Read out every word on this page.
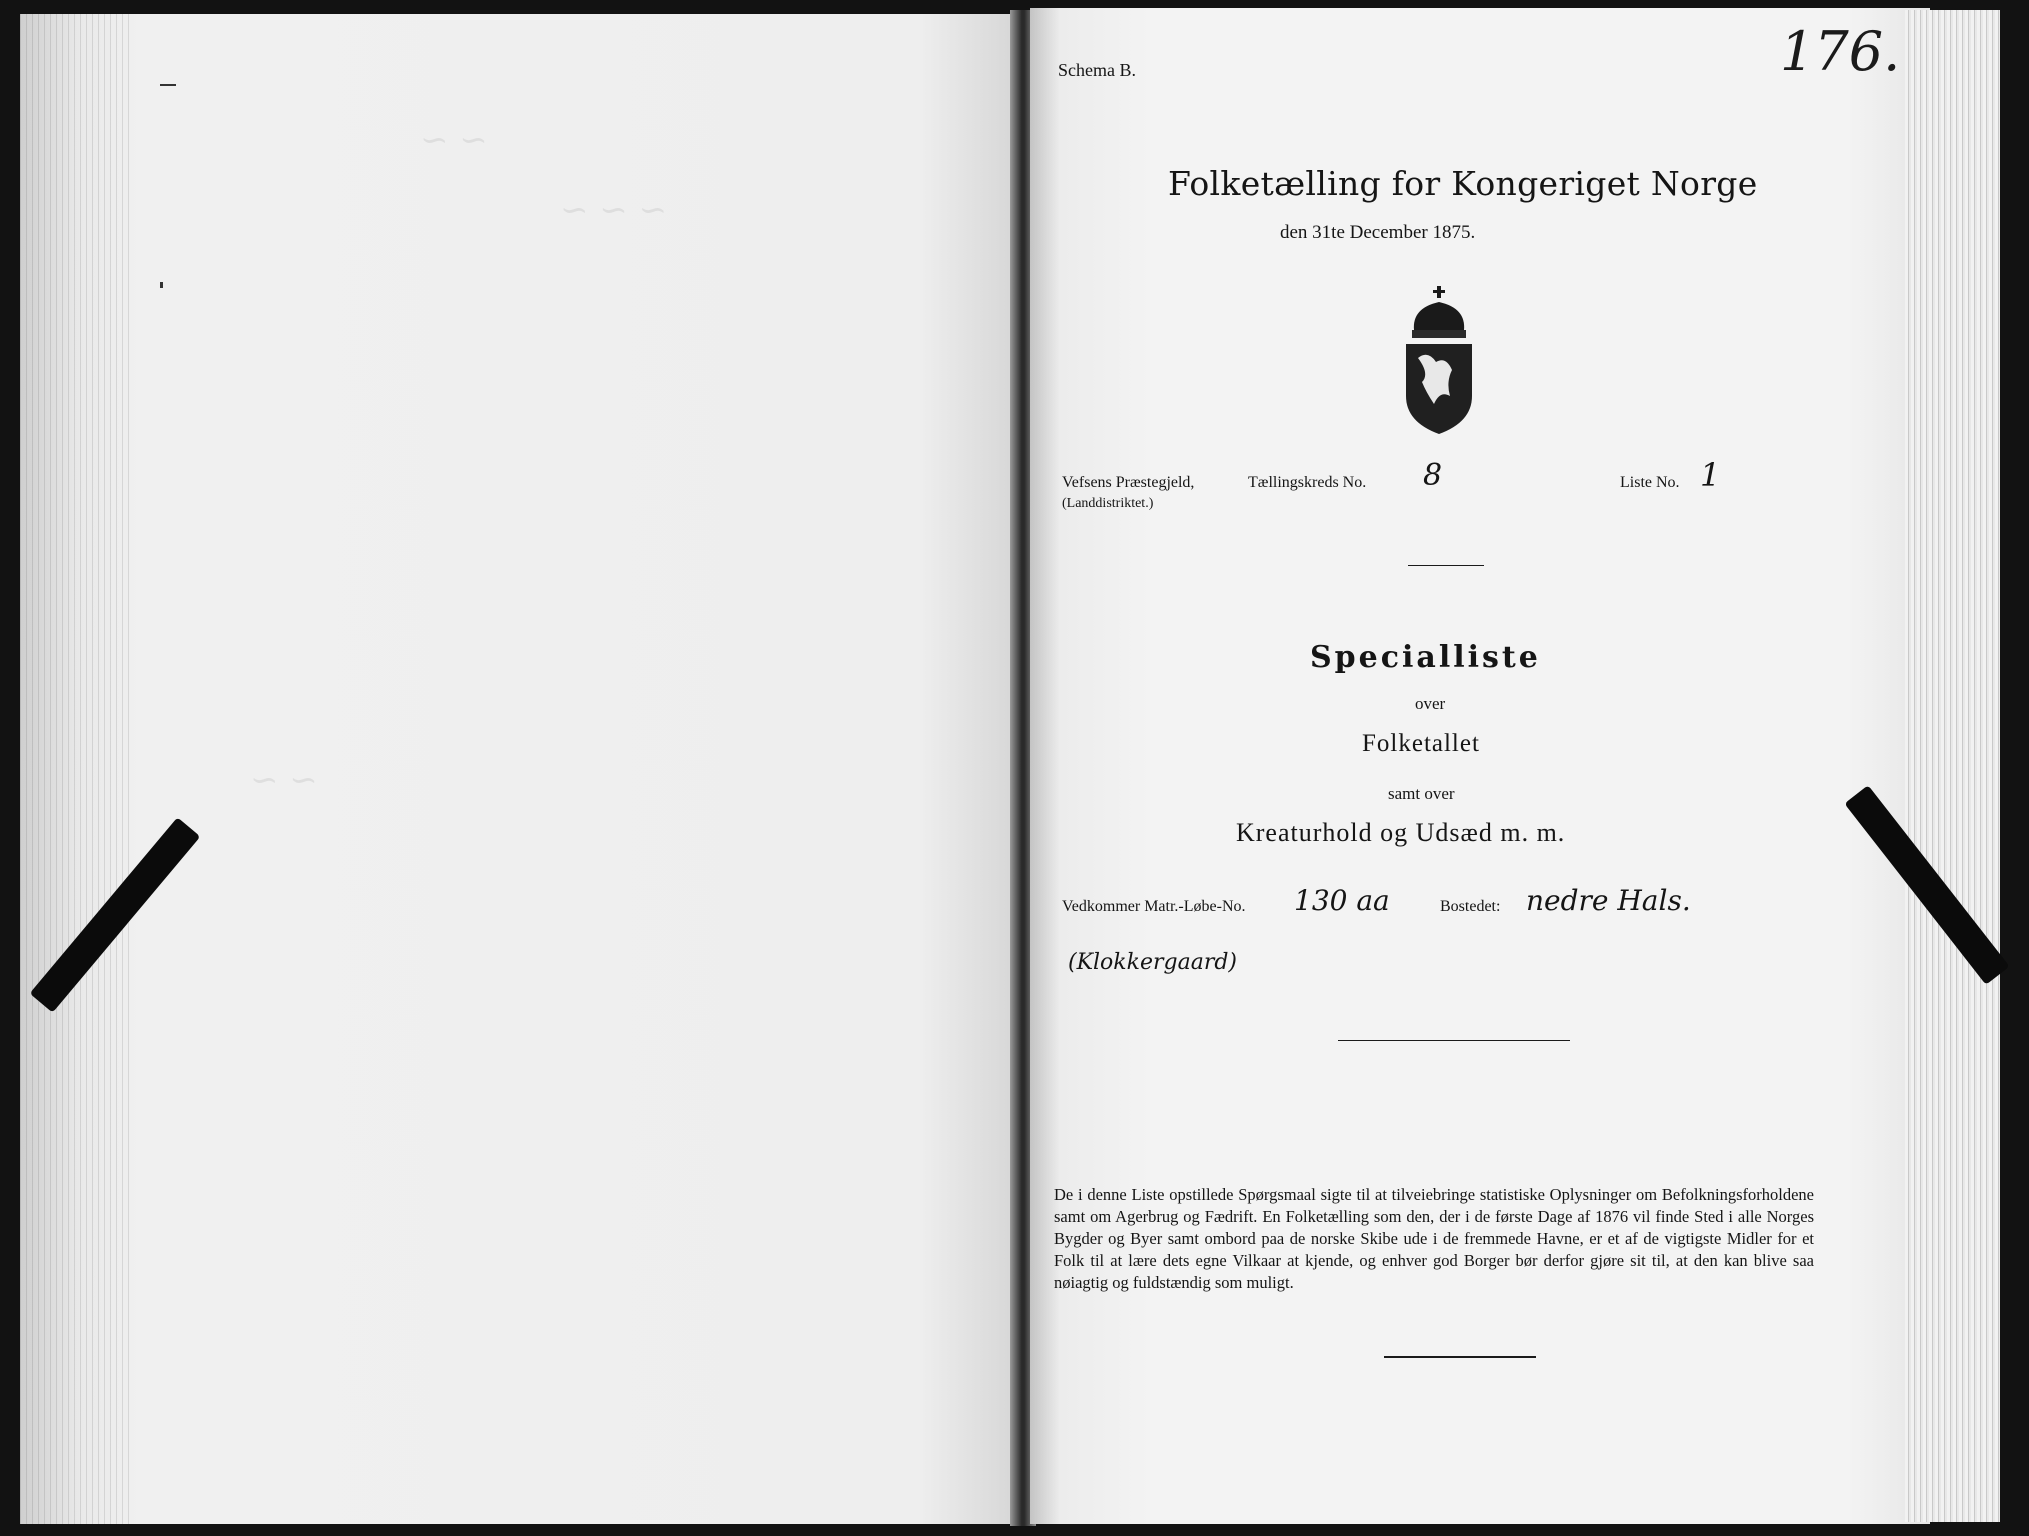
~ ~
~ ~ ~
~ ~
Schema B.	176.
Folketælling for Kongeriget Norge
den 31te December 1875.
Vefsens Præstegjeld,
(Landdistriktet.)
Tællingskreds No. 8	Liste No. 1
Specialliste
over
Folketallet
samt over
Kreaturhold og Udsæd m. m.
Vedkommer Matr.-Løbe-No. 130 aa	Bostedet: nedre Hals.
(Klokkergaard)
De i denne Liste opstillede Spørgsmaal sigte til at tilveiebringe statistiske Oplysninger om Befolkningsforholdene samt om Agerbrug og Fædrift. En Folketælling som den, der i de første Dage af 1876 vil finde Sted i alle Norges Bygder og Byer samt ombord paa de norske Skibe ude i de fremmede Havne, er et af de vigtigste Midler for et Folk til at lære dets egne Vilkaar at kjende, og enhver god Borger bør derfor gjøre sit til, at den kan blive saa nøiagtig og fuldstændig som muligt.
